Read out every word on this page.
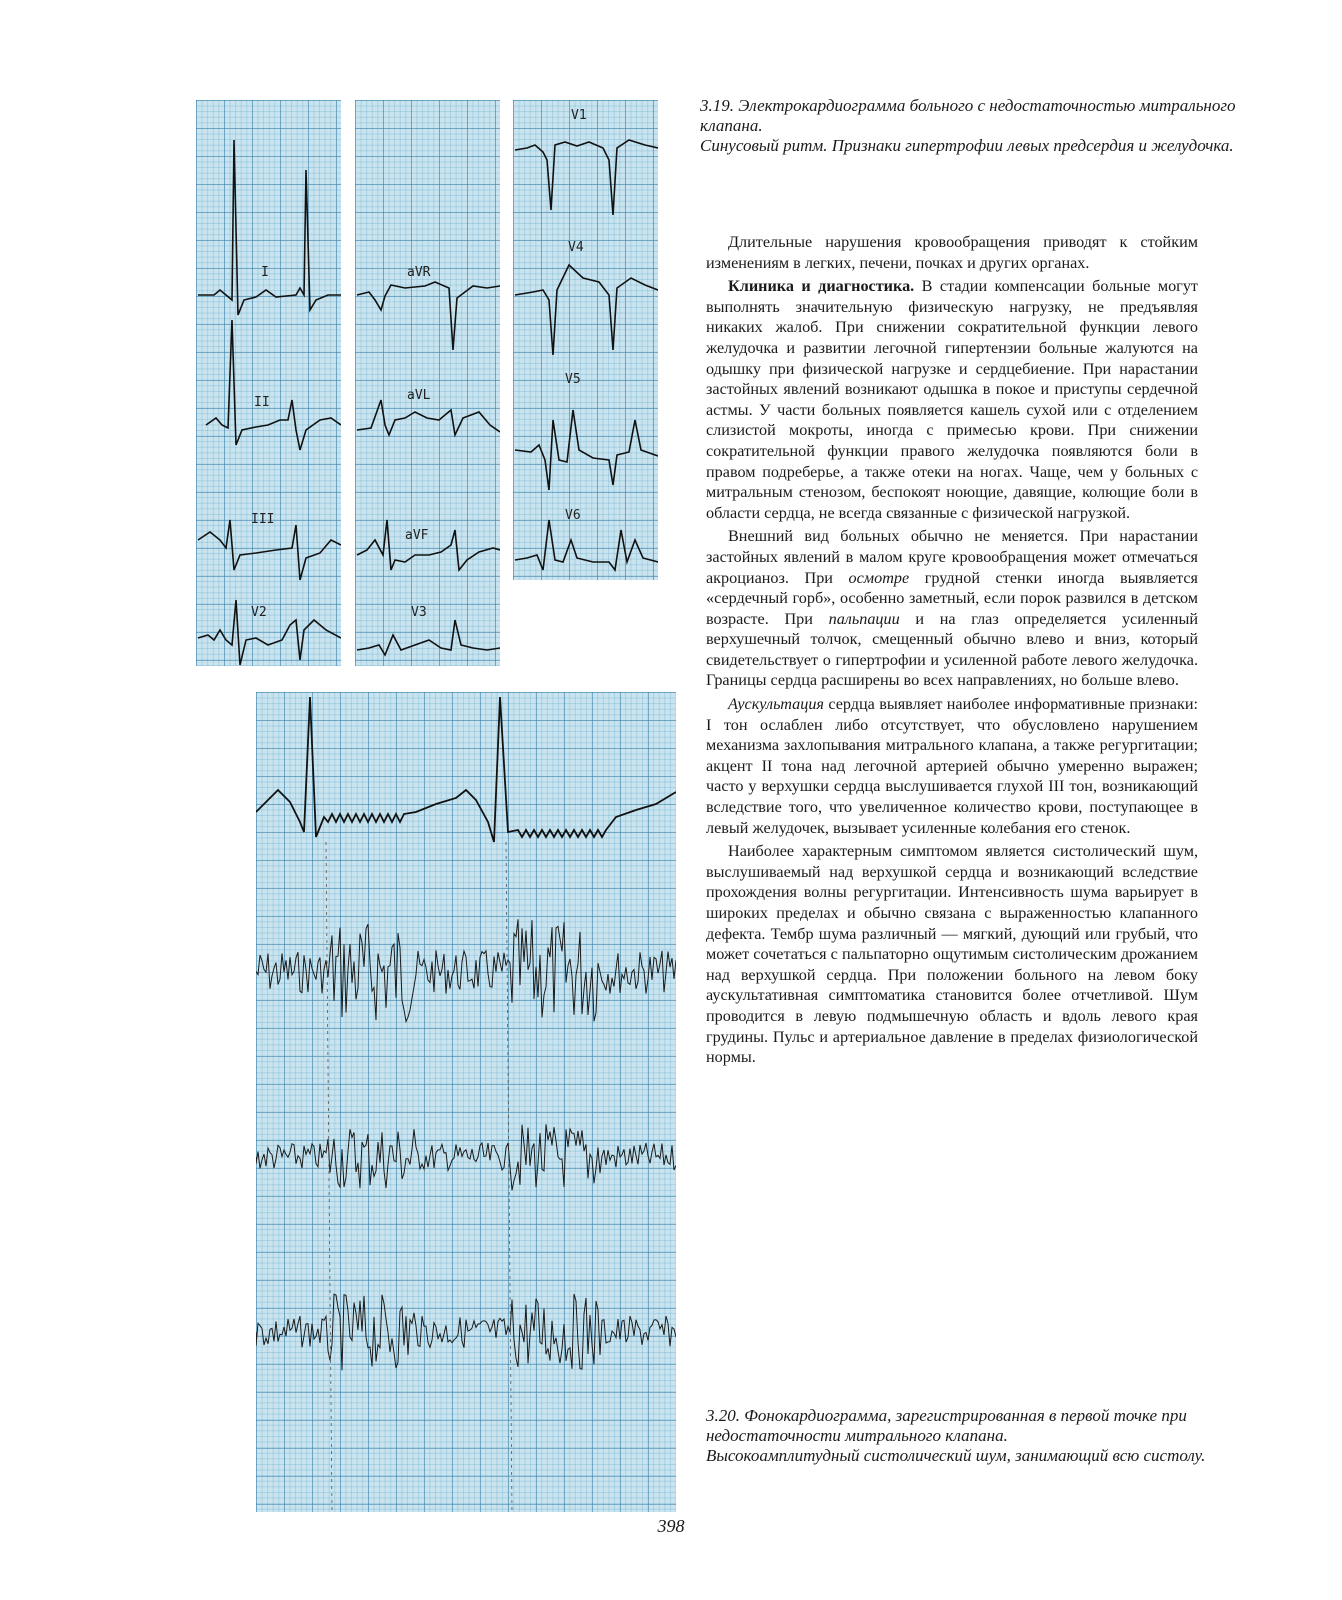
I
II
III
V2
aVR
aVL
aVF
V3
V1
V4
V5
V6
3.19. Электрокардиограмма больного с недостаточностью митрального клапана.
Синусовый ритм. Признаки гипертрофии левых предсердия и желудочка.
3.20. Фонокардиограмма, зарегистрированная в первой точке при недостаточности митрального клапана.
Высокоамплитудный систолический шум, занимающий всю систолу.

Длительные нарушения кровообращения приводят к стойким изменениям в легких, печени, почках и других органах.

Клиника и диагностика. В стадии компенсации больные могут выполнять значительную физическую нагрузку, не предъявляя никаких жалоб. При снижении сократительной функции левого желудочка и развитии легочной гипертензии больные жалуются на одышку при физической нагрузке и сердцебиение. При нарастании застойных явлений возникают одышка в покое и приступы сердечной астмы. У части больных появляется кашель сухой или с отделением слизистой мокроты, иногда с примесью крови. При снижении сократительной функции правого желудочка появляются боли в правом подреберье, а также отеки на ногах. Чаще, чем у больных с митральным стенозом, беспокоят ноющие, давящие, колющие боли в области сердца, не всегда связанные с физической нагрузкой.

Внешний вид больных обычно не меняется. При нарастании застойных явлений в малом круге кровообращения может отмечаться акроцианоз. При осмотре грудной стенки иногда выявляется «сердечный горб», особенно заметный, если порок развился в детском возрасте. При пальпации и на глаз определяется усиленный верхушечный толчок, смещенный обычно влево и вниз, который свидетельствует о гипертрофии и усиленной работе левого желудочка. Границы сердца расширены во всех направлениях, но больше влево.

Аускультация сердца выявляет наиболее информативные признаки: I тон ослаблен либо отсутствует, что обусловлено нарушением механизма захлопывания митрального клапана, а также регургитации; акцент II тона над легочной артерией обычно умеренно выражен; часто у верхушки сердца выслушивается глухой III тон, возникающий вследствие того, что увеличенное количество крови, поступающее в левый желудочек, вызывает усиленные колебания его стенок.

Наиболее характерным симптомом является систолический шум, выслушиваемый над верхушкой сердца и возникающий вследствие прохождения волны регургитации. Интенсивность шума варьирует в широких пределах и обычно связана с выраженностью клапанного дефекта. Тембр шума различный — мягкий, дующий или грубый, что может сочетаться с пальпаторно ощутимым систолическим дрожанием над верхушкой сердца. При положении больного на левом боку аускультативная симптоматика становится более отчетливой. Шум проводится в левую подмышечную область и вдоль левого края грудины. Пульс и артериальное давление в пределах физиологической нормы.

398
